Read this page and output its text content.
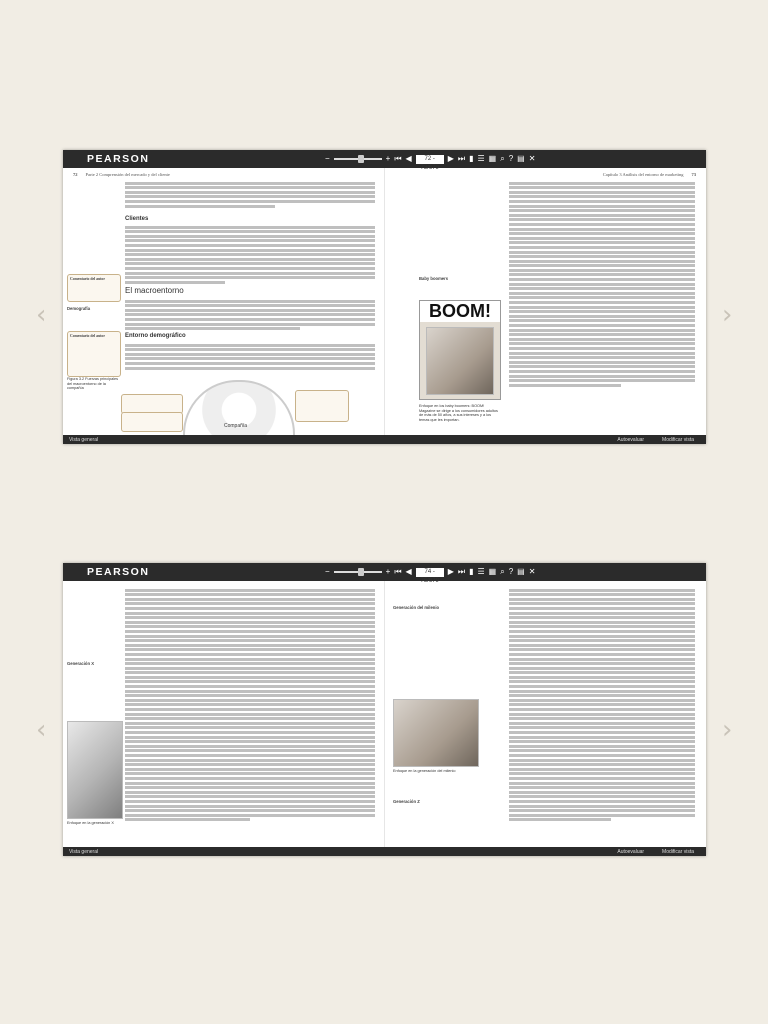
PEARSON	−	+ ⏮ ◀	72 - 73/679
▶ ⏭ ▮ ☰ ▦ ⌕ ? ▤ ✕
72 Parte 2 Comprensión del mercado y del cliente
Clientes
El macroentorno
Entorno demográfico
Comentario del autor
Demografía
Comentario del autor
Figura 3.2 Fuerzas principales del macroentorno de la compañía
Compañía
Capítulo 3 Análisis del entorno de marketing 73
Baby boomers
BOOM!
Enfoque en los baby boomers: BOOM! Magazine se dirige a los consumidores adultos de más de 50 años, a sus intereses y a los temas que les importan.
Vista general	Autoevaluar	Modificar vista
‹	›
PEARSON	−	+ ⏮ ◀	74 - 75/679
▶ ⏭ ▮ ☰ ▦ ⌕ ? ▤ ✕
Generación X
Enfoque en la generación X
Generación del milenio
Enfoque en la generación del milenio
Generación Z
Vista general	Autoevaluar	Modificar vista
‹	›
